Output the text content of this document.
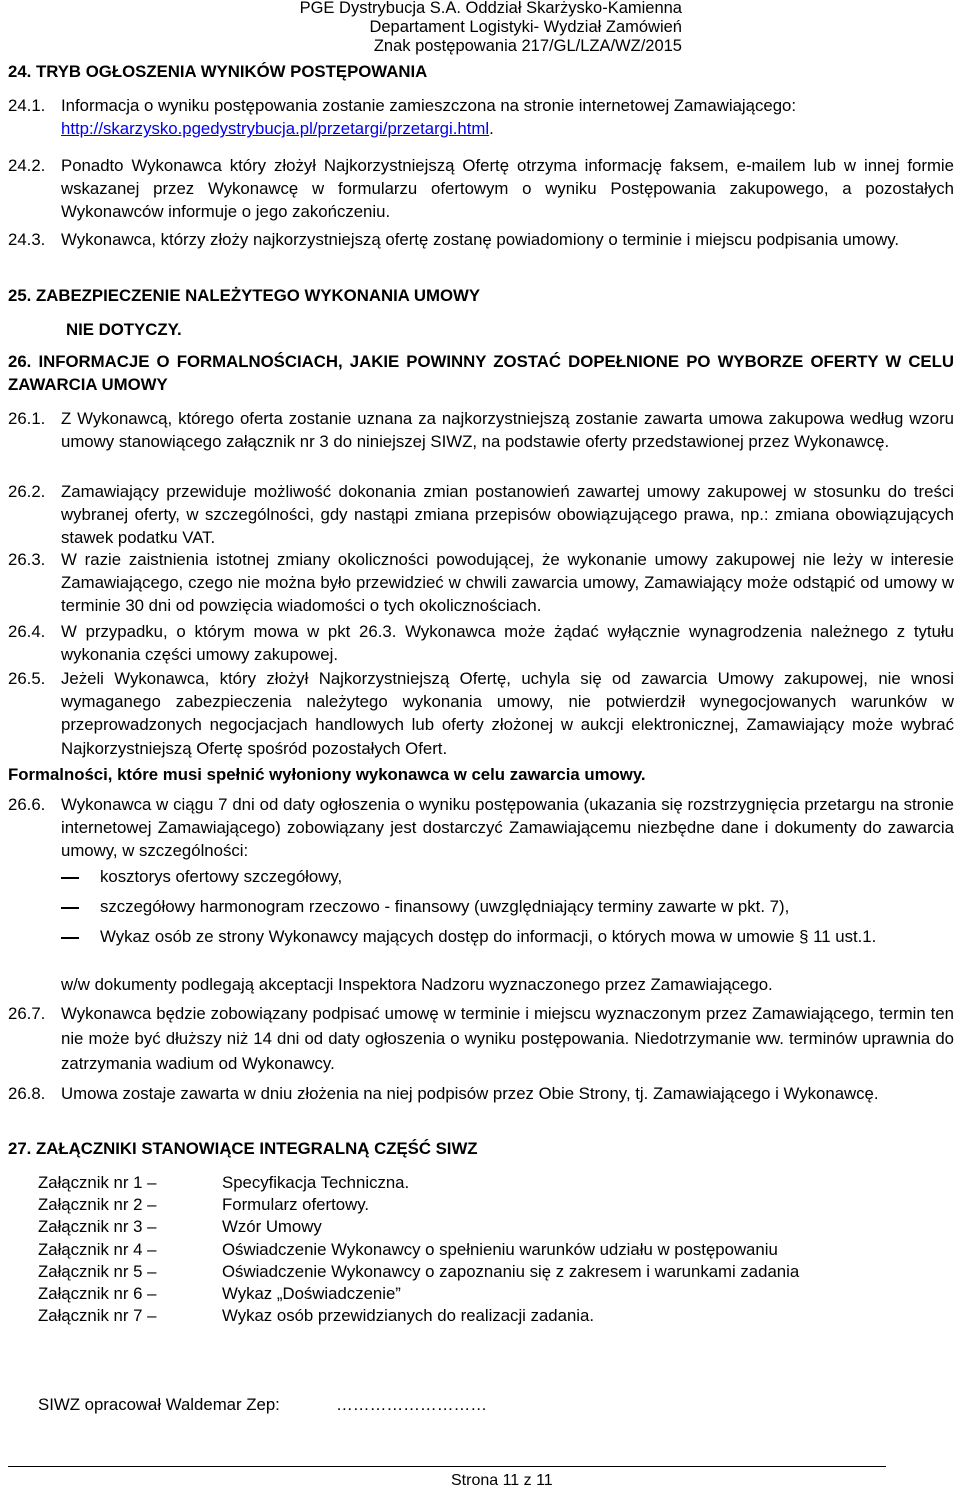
PGE Dystrybucja S.A. Oddział Skarżysko-Kamienna
Departament Logistyki- Wydział Zamówień
Znak postępowania 217/GL/LZA/WZ/2015
24. TRYB OGŁOSZENIA WYNIKÓW POSTĘPOWANIA
24.1. Informacja o wyniku postępowania zostanie zamieszczona na stronie internetowej Zamawiającego:
http://skarzysko.pgedystrybucja.pl/przetargi/przetargi.html.
24.2. Ponadto Wykonawca który złożył Najkorzystniejszą Ofertę otrzyma informację faksem, e-mailem lub w innej formie wskazanej przez Wykonawcę w formularzu ofertowym o wyniku Postępowania zakupowego, a pozostałych Wykonawców informuje o jego zakończeniu.
24.3. Wykonawca, którzy złoży najkorzystniejszą ofertę zostanę powiadomiony o terminie i miejscu podpisania umowy.
25. ZABEZPIECZENIE NALEŻYTEGO WYKONANIA UMOWY
NIE DOTYCZY.
26. INFORMACJE O FORMALNOŚCIACH, JAKIE POWINNY ZOSTAĆ DOPEŁNIONE PO WYBORZE OFERTY W CELU ZAWARCIA UMOWY
26.1. Z Wykonawcą, którego oferta zostanie uznana za najkorzystniejszą zostanie zawarta umowa zakupowa według wzoru umowy stanowiącego załącznik nr 3 do niniejszej SIWZ, na podstawie oferty przedstawionej przez Wykonawcę.
26.2. Zamawiający przewiduje możliwość dokonania zmian postanowień zawartej umowy zakupowej w stosunku do treści wybranej oferty, w szczególności, gdy nastąpi zmiana przepisów obowiązującego prawa, np.: zmiana obowiązujących stawek podatku VAT.
26.3. W razie zaistnienia istotnej zmiany okoliczności powodującej, że wykonanie umowy zakupowej nie leży w interesie Zamawiającego, czego nie można było przewidzieć w chwili zawarcia umowy, Zamawiający może odstąpić od umowy w terminie 30 dni od powzięcia wiadomości o tych okolicznościach.
26.4. W przypadku, o którym mowa w pkt 26.3. Wykonawca może żądać wyłącznie wynagrodzenia należnego z tytułu wykonania części umowy zakupowej.
26.5. Jeżeli Wykonawca, który złożył Najkorzystniejszą Ofertę, uchyla się od zawarcia Umowy zakupowej, nie wnosi wymaganego zabezpieczenia należytego wykonania umowy, nie potwierdził wynegocjowanych warunków w przeprowadzonych negocjacjach handlowych lub oferty złożonej w aukcji elektronicznej, Zamawiający może wybrać Najkorzystniejszą Ofertę spośród pozostałych Ofert.
Formalności, które musi spełnić wyłoniony wykonawca w celu zawarcia umowy.
26.6. Wykonawca w ciągu 7 dni od daty ogłoszenia o wyniku postępowania (ukazania się rozstrzygnięcia przetargu na stronie internetowej Zamawiającego) zobowiązany jest dostarczyć Zamawiającemu niezbędne dane i dokumenty do zawarcia umowy, w szczególności:
kosztorys ofertowy szczegółowy,
szczegółowy harmonogram rzeczowo - finansowy (uwzględniający terminy zawarte w pkt. 7),
Wykaz osób ze strony Wykonawcy mających dostęp do informacji, o których mowa w umowie § 11 ust.1.
w/w dokumenty podlegają akceptacji Inspektora Nadzoru wyznaczonego przez Zamawiającego.
26.7. Wykonawca będzie zobowiązany podpisać umowę w terminie i miejscu wyznaczonym przez Zamawiającego, termin ten nie może być dłuższy niż 14 dni od daty ogłoszenia o wyniku postępowania. Niedotrzymanie ww. terminów uprawnia do zatrzymania wadium od Wykonawcy.
26.8. Umowa zostaje zawarta w dniu złożenia na niej podpisów przez Obie Strony, tj. Zamawiającego i Wykonawcę.
27. ZAŁĄCZNIKI STANOWIĄCE INTEGRALNĄ CZĘŚĆ SIWZ
Załącznik nr 1 –	Specyfikacja Techniczna.
Załącznik nr 2 –	Formularz ofertowy.
Załącznik nr 3 –	Wzór Umowy
Załącznik nr 4 –	Oświadczenie Wykonawcy o spełnieniu warunków udziału w postępowaniu
Załącznik nr 5 –	Oświadczenie Wykonawcy o zapoznaniu się z zakresem i warunkami zadania
Załącznik nr 6 –	Wykaz „Doświadczenie”
Załącznik nr 7 –	Wykaz osób przewidzianych do realizacji zadania.
SIWZ opracował Waldemar Zep:	………………………
Strona 11 z 11
